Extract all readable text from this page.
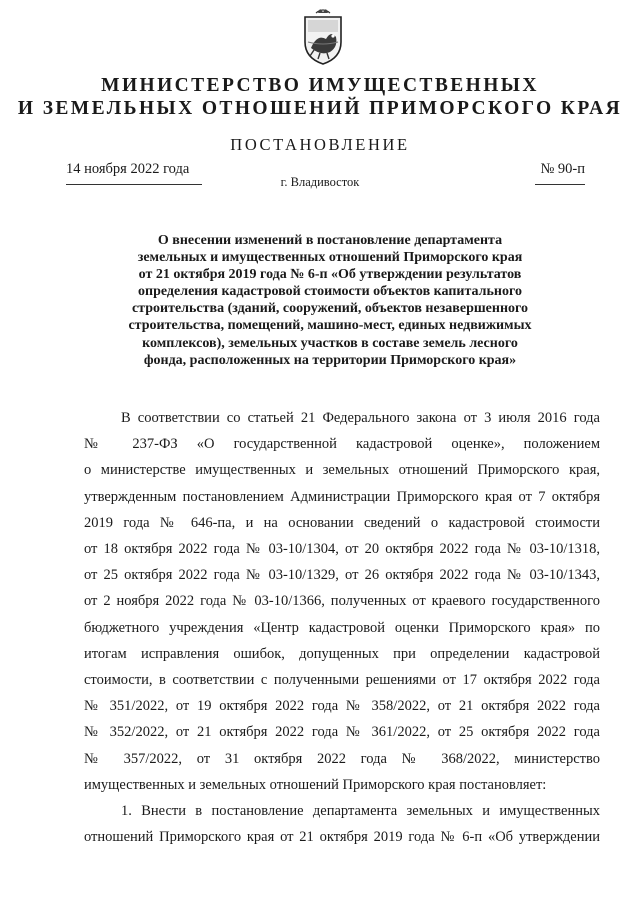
МИНИСТЕРСТВО ИМУЩЕСТВЕННЫХ
И ЗЕМЕЛЬНЫХ ОТНОШЕНИЙ ПРИМОРСКОГО КРАЯ
ПОСТАНОВЛЕНИЕ
14 ноября 2022 года
г. Владивосток
№ 90-п
О внесении изменений в постановление департамента
земельных и имущественных отношений Приморского края
от 21 октября 2019 года № 6-п «Об утверждении результатов
определения кадастровой стоимости объектов капитального
строительства (зданий, сооружений, объектов незавершенного
строительства, помещений, машино-мест, единых недвижимых
комплексов), земельных участков в составе земель лесного
фонда, расположенных на территории Приморского края»
В соответствии со статьей 21 Федерального закона от 3 июля 2016 года
№ 237-ФЗ «О государственной кадастровой оценке», положением
о министерстве имущественных и земельных отношений Приморского края,
утвержденным постановлением Администрации Приморского края от 7 октября
2019 года № 646-па, и на основании сведений о кадастровой стоимости
от 18 октября 2022 года № 03-10/1304, от 20 октября 2022 года № 03-10/1318,
от 25 октября 2022 года № 03-10/1329, от 26 октября 2022 года № 03-10/1343,
от 2 ноября 2022 года № 03-10/1366, полученных от краевого государственного
бюджетного учреждения «Центр кадастровой оценки Приморского края» по
итогам исправления ошибок, допущенных при определении кадастровой
стоимости, в соответствии с полученными решениями от 17 октября 2022 года
№ 351/2022, от 19 октября 2022 года № 358/2022, от 21 октября 2022 года
№ 352/2022, от 21 октября 2022 года № 361/2022, от 25 октября 2022 года
№ 357/2022, от 31 октября 2022 года № 368/2022, министерство
имущественных и земельных отношений Приморского края постановляет:
1. Внести в постановление департамента земельных и имущественных
отношений Приморского края от 21 октября 2019 года № 6-п «Об утверждении
